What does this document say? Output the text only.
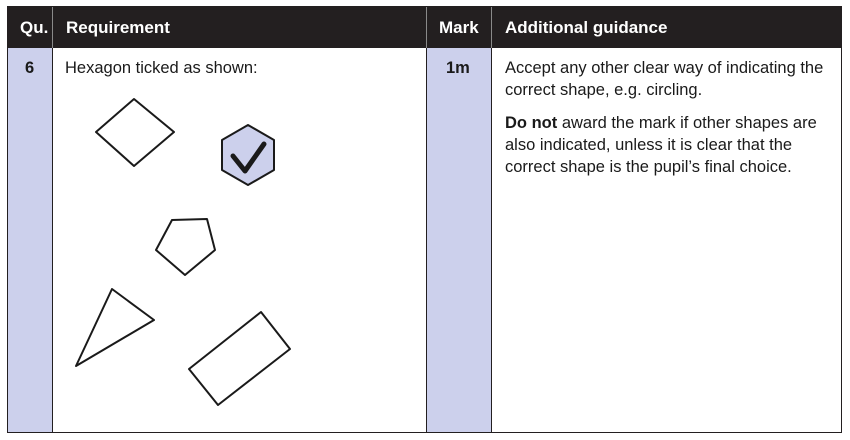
Qu. Requirement	Mark Additional guidance
6 Hexagon ticked as shown:	1m Accept any other clear way of indicating the correct shape, e.g. circling.
Do not award the mark if other shapes are also indicated, unless it is clear that the correct shape is the pupil’s final choice.
